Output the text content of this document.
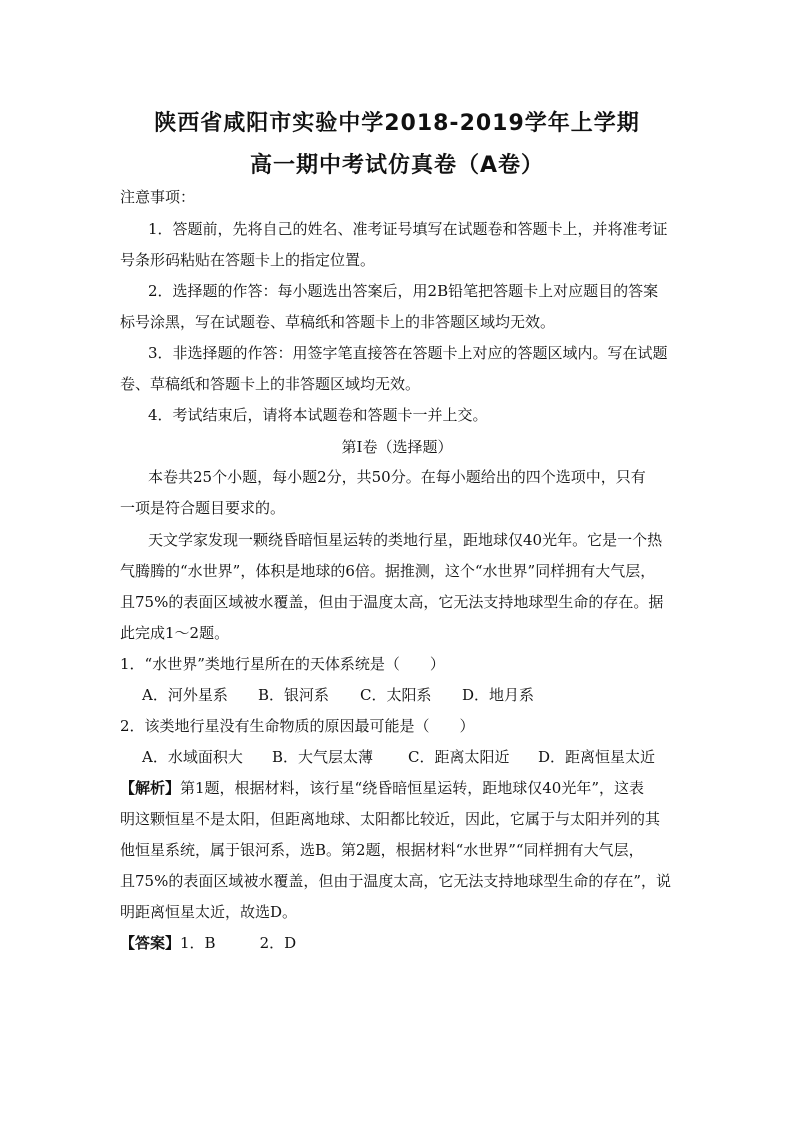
陕西省咸阳市实验中学2018-2019学年上学期
高一期中考试仿真卷（A卷）
注意事项：
1．答题前，先将自己的姓名、准考证号填写在试题卷和答题卡上，并将准考证
号条形码粘贴在答题卡上的指定位置。
2．选择题的作答：每小题选出答案后，用2B铅笔把答题卡上对应题目的答案
标号涂黑，写在试题卷、草稿纸和答题卡上的非答题区域均无效。
3．非选择题的作答：用签字笔直接答在答题卡上对应的答题区域内。写在试题
卷、草稿纸和答题卡上的非答题区域均无效。
4．考试结束后，请将本试题卷和答题卡一并上交。
第Ⅰ卷（选择题）
本卷共25个小题，每小题2分，共50分。在每小题给出的四个选项中，只有
一项是符合题目要求的。
天文学家发现一颗绕昏暗恒星运转的类地行星，距地球仅40光年。它是一个热
气腾腾的“水世界”，体积是地球的6倍。据推测，这个“水世界”同样拥有大气层，
且75%的表面区域被水覆盖，但由于温度太高，它无法支持地球型生命的存在。据
此完成1～2题。
1．“水世界”类地行星所在的天体系统是（　　）
A．河外星系 B．银河系 C．太阳系 D．地月系
2．该类地行星没有生命物质的原因最可能是（　　）
A．水域面积大 B．大气层太薄 C．距离太阳近 D．距离恒星太近
【解析】第1题，根据材料，该行星“绕昏暗恒星运转，距地球仅40光年”，这表
明这颗恒星不是太阳，但距离地球、太阳都比较近，因此，它属于与太阳并列的其
他恒星系统，属于银河系，选B。第2题，根据材料“水世界”“同样拥有大气层，
且75%的表面区域被水覆盖，但由于温度太高，它无法支持地球型生命的存在”，说
明距离恒星太近，故选D。
【答案】1．B	2．D
